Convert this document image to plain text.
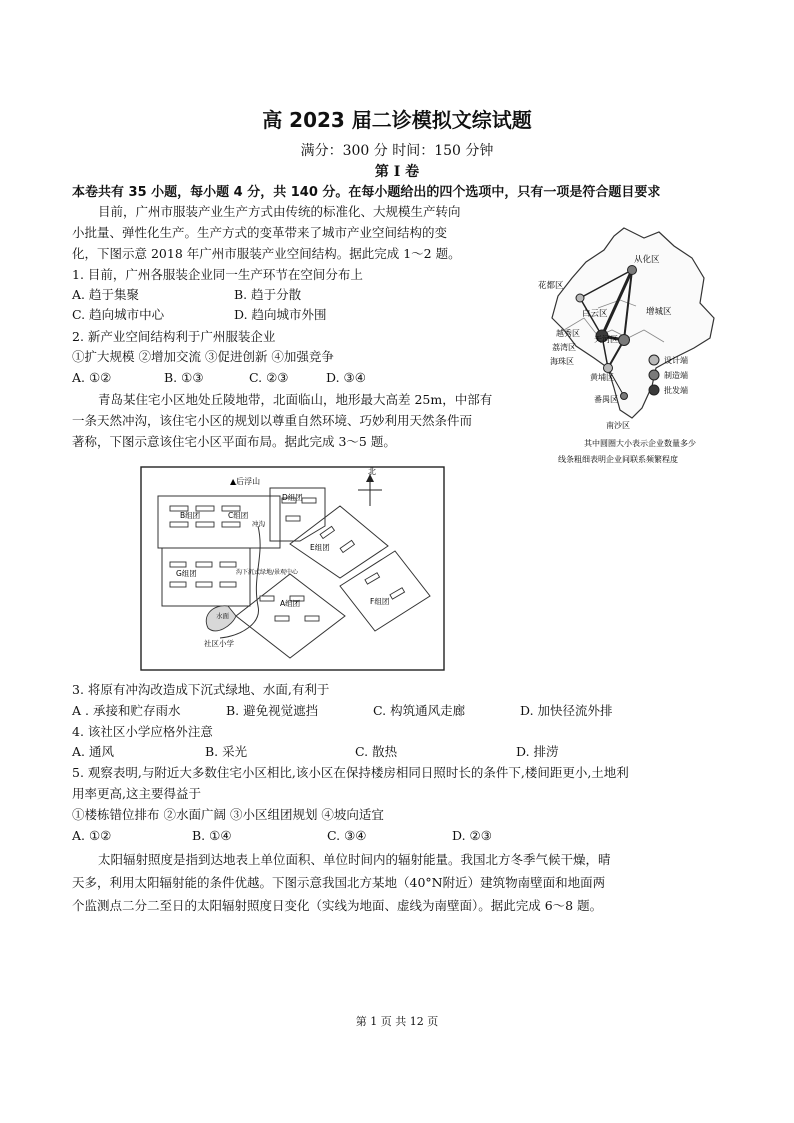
高 2023 届二诊模拟文综试题
满分：300 分 时间：150 分钟
第 I 卷
本卷共有 35 小题，每小题 4 分，共 140 分。在每小题给出的四个选项中，只有一项是符合题目要求
目前，广州市服装产业生产方式由传统的标准化、大规模生产转向
小批量、弹性化生产。生产方式的变革带来了城市产业空间结构的变
化，下图示意 2018 年广州市服装产业空间结构。据此完成 1～2 题。
1. 目前，广州各服装企业同一生产环节在空间分布上
A. 趋于集聚	B. 趋于分散
C. 趋向城市中心	D. 趋向城市外围
2. 新产业空间结构利于广州服装企业
①扩大规模 ②增加交流 ③促进创新 ④加强竞争
A. ①②	B. ①③	C. ②③	D. ③④
青岛某住宅小区地处丘陵地带，北面临山，地形最大高差 25m，中部有
一条天然冲沟，该住宅小区的规划以尊重自然环境、巧妙利用天然条件而
著称，下图示意该住宅小区平面布局。据此完成 3～5 题。
从化区
花都区
白云区	增城区
越秀区
天河区
荔湾区
海珠区
黄埔区
番禺区
南沙区
设计端
制造端
批发端
其中圆圈大小表示企业数量多少
线条粗细表明企业间联系频繁程度
▲后浮山
北
B组团	C组团
D组团
E组团
G组团
A组团	F组团
冲沟
沟下沉式绿地/景观中心
水面
社区小学
3. 将原有冲沟改造成下沉式绿地、水面,有利于
A . 承接和贮存雨水	B. 避免视觉遮挡	C. 构筑通风走廊	D. 加快径流外排
4. 该社区小学应格外注意
A. 通风	B. 采光	C. 散热	D. 排涝
5. 观察表明,与附近大多数住宅小区相比,该小区在保持楼房相同日照时长的条件下,楼间距更小,土地利
用率更高,这主要得益于
①楼栋错位排布 ②水面广阔 ③小区组团规划 ④坡向适宜
A. ①②	B. ①④	C. ③④	D. ②③
太阳辐射照度是指到达地表上单位面积、单位时间内的辐射能量。我国北方冬季气候干燥，晴
天多，利用太阳辐射能的条件优越。下图示意我国北方某地（40°N附近）建筑物南壁面和地面两
个监测点二分二至日的太阳辐射照度日变化（实线为地面、虚线为南壁面）。据此完成 6～8 题。
第 1 页 共 12 页
